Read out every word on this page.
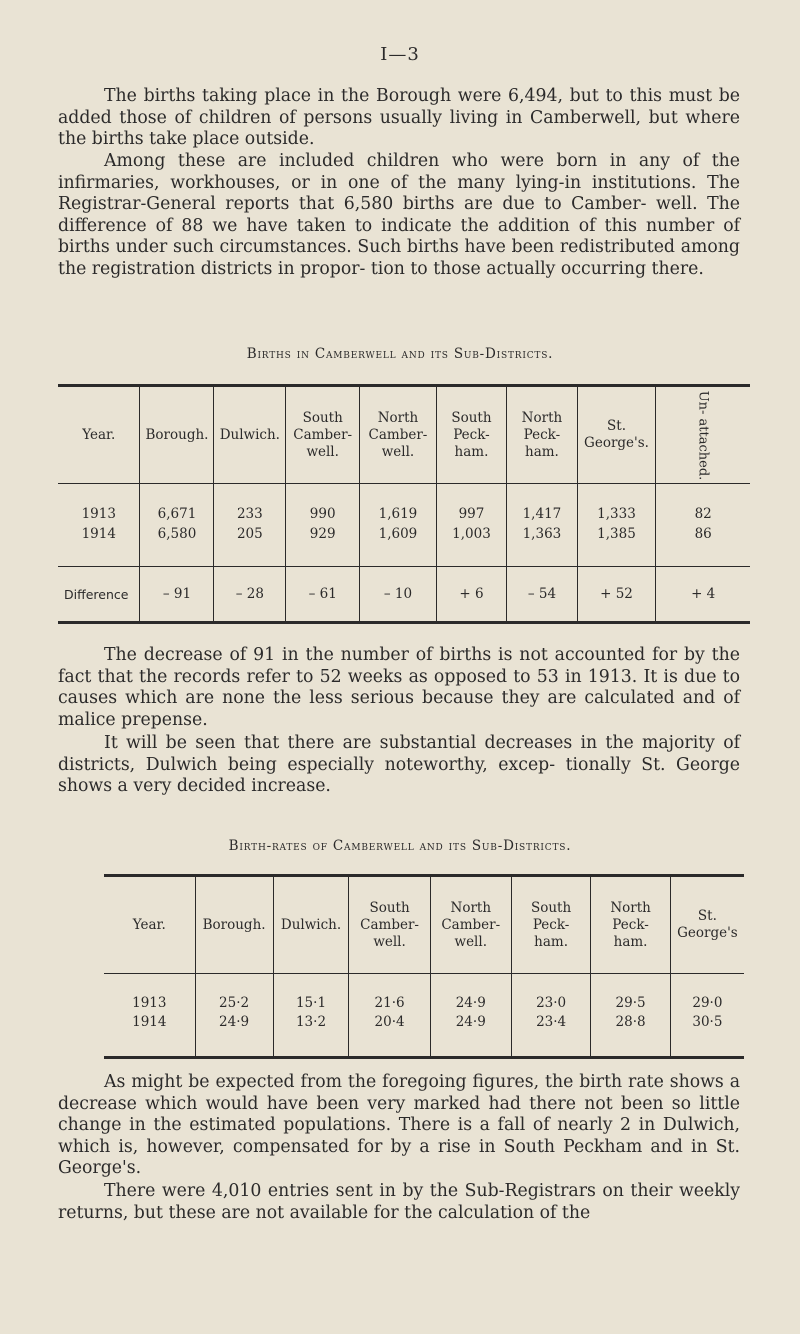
I—3

The births taking place in the Borough were 6,494, but to this must be added those of children of persons usually living in Camberwell, but where the births take place outside.

Among these are included children who were born in any of the infirmaries, workhouses, or in one of the many lying-in institutions. The Registrar-General reports that 6,580 births are due to Camber- well. The difference of 88 we have taken to indicate the addition of this number of births under such circumstances. Such births have been redistributed among the registration districts in propor- tion to those actually occurring there.

Births in Camberwell and its Sub-Districts.
Year.	Borough.	Dulwich.	South Camber- well.	North Camber- well.	South Peck- ham.	North Peck- ham.	St. George's.	Un- attached.
1913	6,671	233	990	1,619	997	1,417	1,333	82
1914	6,580	205	929	1,609	1,003	1,363	1,385	86
Difference	– 91	– 28	– 61	– 10	+ 6	– 54	+ 52	+ 4

The decrease of 91 in the number of births is not accounted for by the fact that the records refer to 52 weeks as opposed to 53 in 1913. It is due to causes which are none the less serious because they are calculated and of malice prepense.

It will be seen that there are substantial decreases in the majority of districts, Dulwich being especially noteworthy, excep- tionally St. George shows a very decided increase.

Birth-rates of Camberwell and its Sub-Districts.
Year.	Borough.	Dulwich.	South Camber- well.	North Camber- well.	South Peck- ham.	North Peck- ham.	St. George's
1913	25·2	15·1	21·6	24·9	23·0	29·5	29·0
1914	24·9	13·2	20·4	24·9	23·4	28·8	30·5

As might be expected from the foregoing figures, the birth rate shows a decrease which would have been very marked had there not been so little change in the estimated populations. There is a fall of nearly 2 in Dulwich, which is, however, compensated for by a rise in South Peckham and in St. George's.

There were 4,010 entries sent in by the Sub-Registrars on their weekly returns, but these are not available for the calculation of the
